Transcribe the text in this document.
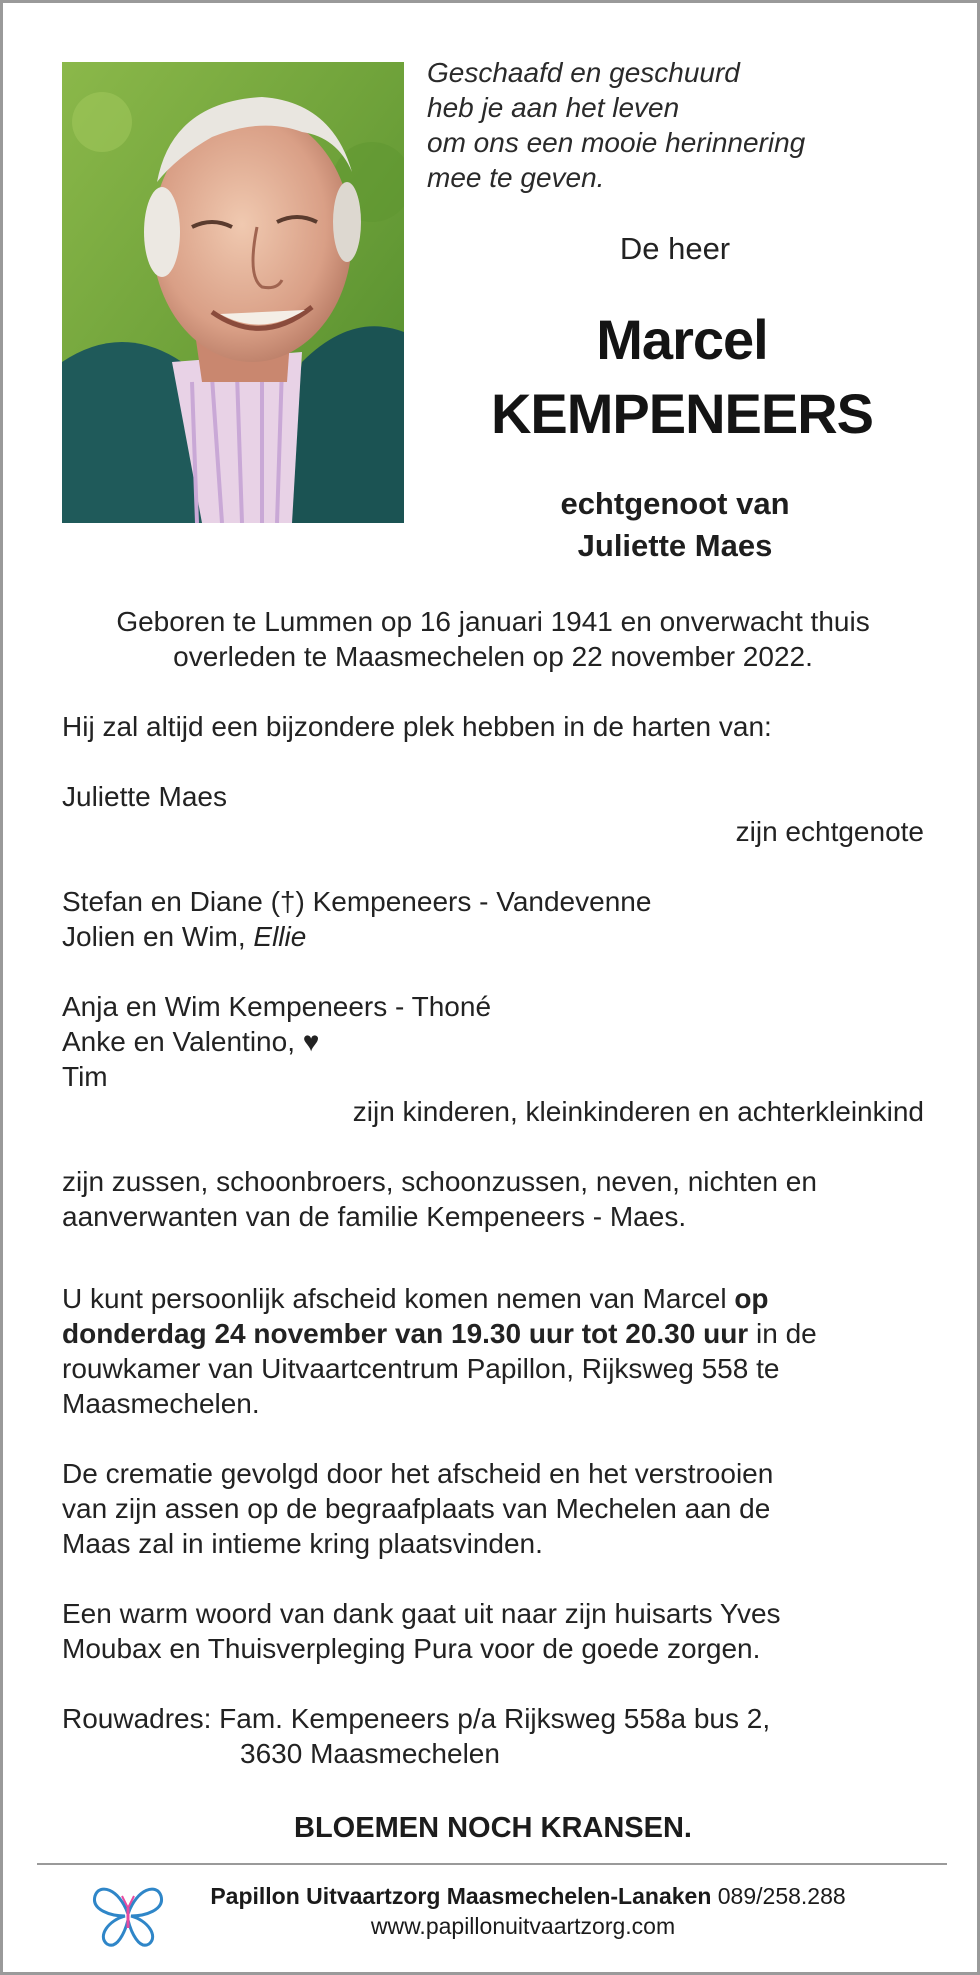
Geschaafd en geschuurd
heb je aan het leven
om ons een mooie herinnering
mee te geven.
De heer
Marcel
KEMPENEERS
echtgenoot van
Juliette Maes
Geboren te Lummen op 16 januari 1941 en onverwacht thuis
overleden te Maasmechelen op 22 november 2022.
Hij zal altijd een bijzondere plek hebben in de harten van:
Juliette Maes
zijn echtgenote
Stefan en Diane (†) Kempeneers - Vandevenne
Jolien en Wim, Ellie
Anja en Wim Kempeneers - Thoné
Anke en Valentino, ♥
Tim
zijn kinderen, kleinkinderen en achterkleinkind
zijn zussen, schoonbroers, schoonzussen, neven, nichten en
aanverwanten van de familie Kempeneers - Maes.
U kunt persoonlijk afscheid komen nemen van Marcel op
donderdag 24 november van 19.30 uur tot 20.30 uur in de
rouwkamer van Uitvaartcentrum Papillon, Rijksweg 558 te
Maasmechelen.
De crematie gevolgd door het afscheid en het verstrooien
van zijn assen op de begraafplaats van Mechelen aan de
Maas zal in intieme kring plaatsvinden.
Een warm woord van dank gaat uit naar zijn huisarts Yves
Moubax en Thuisverpleging Pura voor de goede zorgen.
Rouwadres: Fam. Kempeneers p/a Rijksweg 558a bus 2,
3630 Maasmechelen
BLOEMEN NOCH KRANSEN.
Papillon Uitvaartzorg Maasmechelen-Lanaken 089/258.288
www.papillonuitvaartzorg.com
